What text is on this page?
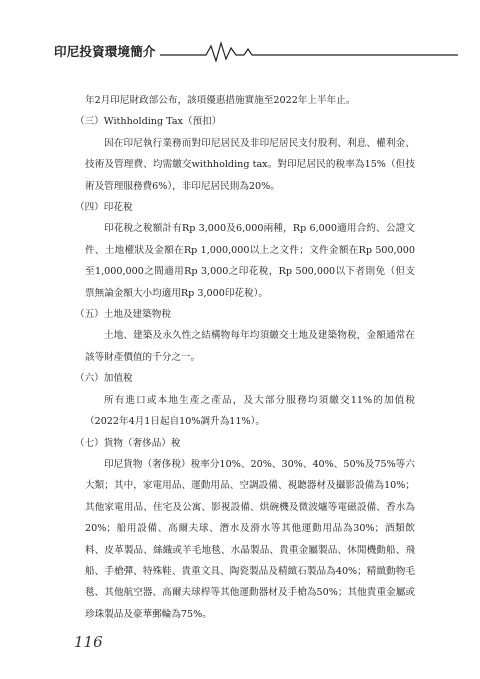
印尼投資環境簡介

年2月印尼財政部公布，該項優惠措施實施至2022年上半年止。

（三）Withholding Tax（預扣）

因在印尼執行業務而對印尼居民及非印尼居民支付股利、利息、權利金、技術及管理費、均需繳交withholding tax。對印尼居民的稅率為15%（但技術及管理服務費6%），非印尼居民則為20%。

（四）印花稅

印花稅之稅額計有Rp 3,000及6,000兩種，Rp 6,000適用合約、公證文件、土地權狀及金額在Rp 1,000,000以上之文件；文件金額在Rp 500,000至1,000,000之間適用Rp 3,000之印花稅，Rp 500,000以下者則免（但支票無論金額大小均適用Rp 3,000印花稅）。

（五）土地及建築物稅

土地、建築及永久性之結構物每年均須繳交土地及建築物稅，金額通常在該等財產價值的千分之一。

（六）加值稅

所有進口或本地生產之產品，及大部分服務均須繳交11%的加值稅（2022年4月1日起自10%調升為11%）。

（七）貨物（奢侈品）稅

印尼貨物（奢侈稅）稅率分10%、20%、30%、40%、50%及75%等六大類；其中，家電用品、運動用品、空調設備、視聽器材及攝影設備為10%；其他家電用品、住宅及公寓、影視設備、烘碗機及微波爐等電磁設備、香水為20%；船用設備、高爾夫球、潛水及滑水等其他運動用品為30%；酒類飲料、皮革製品、絲織或羊毛地毯、水晶製品、貴重金屬製品、休閒機動船、飛船、手槍彈、特殊鞋、貴重文具、陶瓷製品及精緻石製品為40%；精緻動物毛毯、其他航空器、高爾夫球桿等其他運動器材及手槍為50%；其他貴重金屬或珍珠製品及豪華郵輪為75%。

116
